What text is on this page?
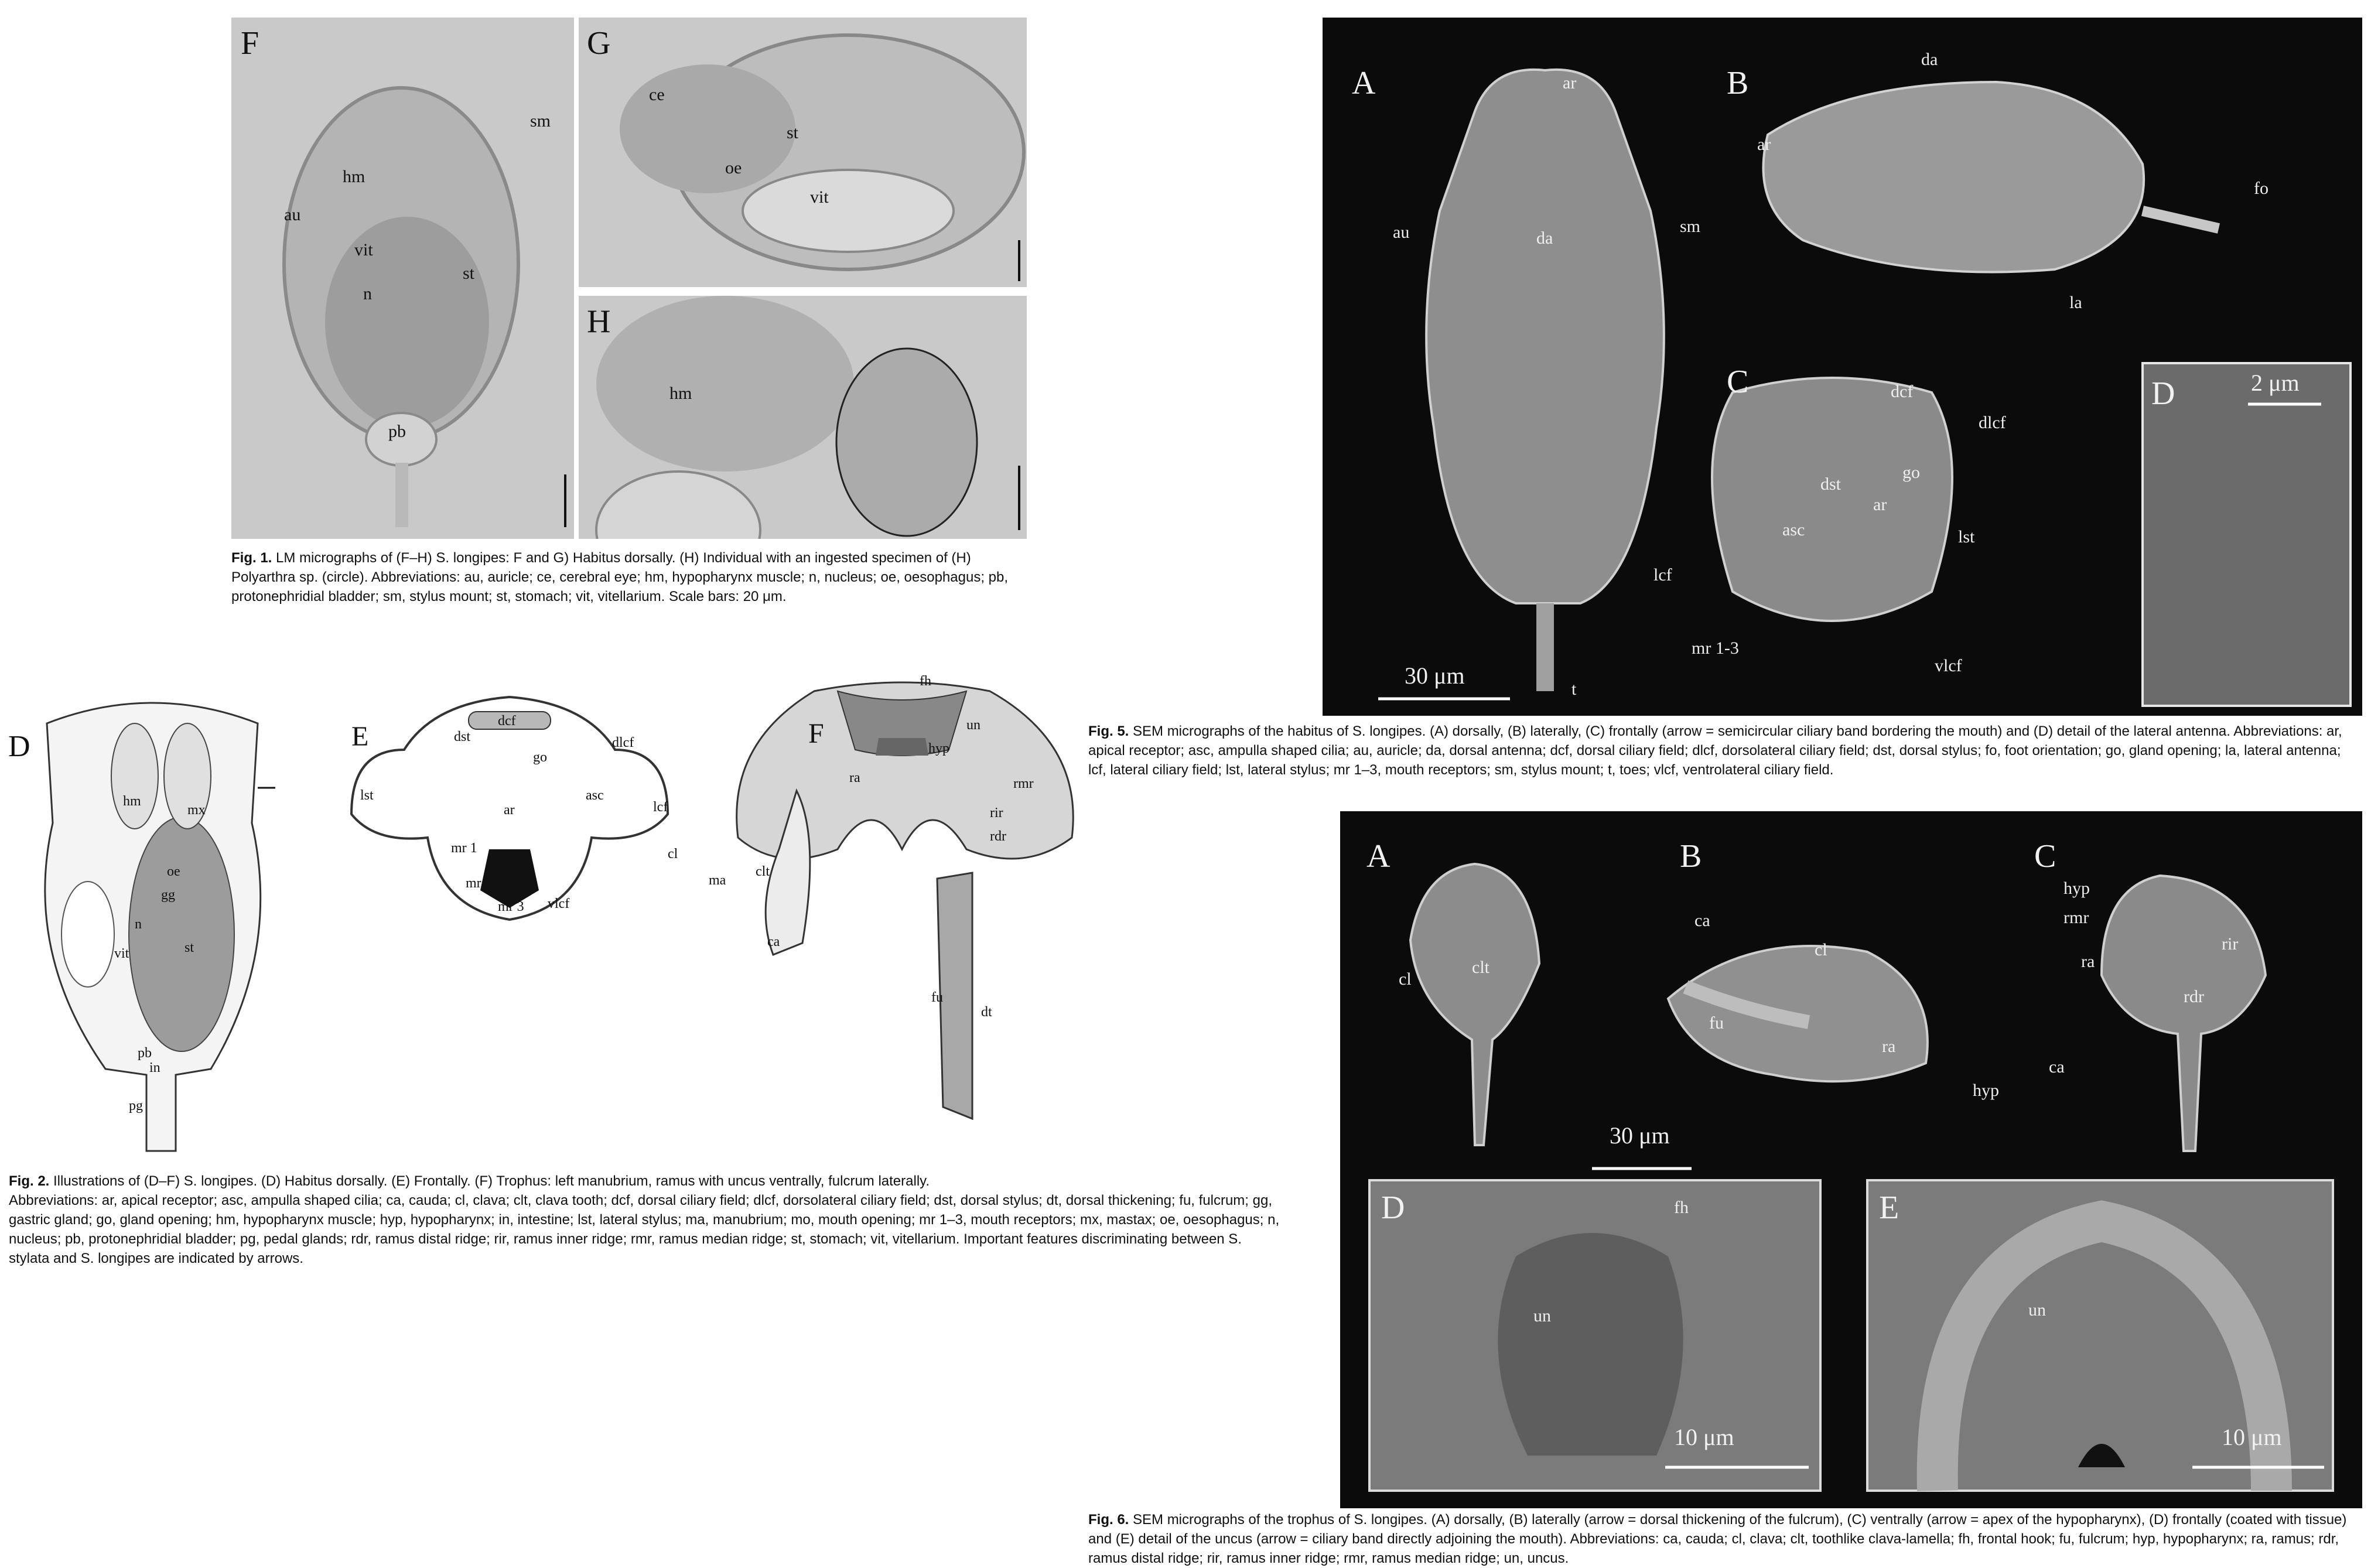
F
sm
hm
au
vit
n
st
pb
G
ce
st
oe
vit
H
hm
Fig. 1. LM micrographs of (F–H) S. longipes: F and G) Habitus dorsally. (H) Individual with an ingested specimen of (H) Polyarthra sp. (circle). Abbreviations: au, auricle; ce, cerebral eye; hm, hypopharynx muscle; n, nucleus; oe, oesophagus; pb, protonephridial bladder; sm, stylus mount; st, stomach; vit, vitellarium. Scale bars: 20 μm.
D
hm
mx
oe
gg
n
vit	st
pb
in
pg
E	dcf
dst	dlcf
go
lst	asc
lcf
ar
mr 1
mr 2
mr 3 vlcf
F
fh
un
hyp
ra	rmr
rir
rdr
cl
ma
clt
ca
fu
dt
Fig. 2. Illustrations of (D–F) S. longipes. (D) Habitus dorsally. (E) Frontally. (F) Trophus: left manubrium, ramus with uncus ventrally, fulcrum laterally.
Abbreviations: ar, apical receptor; asc, ampulla shaped cilia; ca, cauda; cl, clava; clt, clava tooth; dcf, dorsal ciliary field; dlcf, dorsolateral ciliary field; dst, dorsal stylus; dt, dorsal thickening; fu, fulcrum; gg, gastric gland; go, gland opening; hm, hypopharynx muscle; hyp, hypopharynx; in, intestine; lst, lateral stylus; ma, manubrium; mo, mouth opening; mr 1–3, mouth receptors; mx, mastax; oe, oesophagus; n, nucleus; pb, protonephridial bladder; pg, pedal glands; rdr, ramus distal ridge; rir, ramus inner ridge; rmr, ramus median ridge; st, stomach; vit, vitellarium. Important features discriminating between S. stylata and S. longipes are indicated by arrows.
A	B
C	D
ar
au	da
sm
t
da
ar
fo
la
dcf
dlcf
go
dst
ar
asc	lst
lcf
mr 1-3
vlcf
30 μm
2 μm
Fig. 5. SEM micrographs of the habitus of S. longipes. (A) dorsally, (B) laterally, (C) frontally (arrow = semicircular ciliary band bordering the mouth) and (D) detail of the lateral antenna. Abbreviations: ar, apical receptor; asc, ampulla shaped cilia; au, auricle; da, dorsal antenna; dcf, dorsal ciliary field; dlcf, dorsolateral ciliary field; dst, dorsal stylus; fo, foot orientation; go, gland opening; la, lateral antenna; lcf, lateral ciliary field; lst, lateral stylus; mr 1–3, mouth receptors; sm, stylus mount; t, toes; vlcf, ventrolateral ciliary field.
A	B	C
D	E
cl
clt
ca
cl
fu
ra
hyp
hyp
rmr
rir
ra
rdr
ca
fh
un	un
30 μm
10 μm	10 μm
Fig. 6. SEM micrographs of the trophus of S. longipes. (A) dorsally, (B) laterally (arrow = dorsal thickening of the fulcrum), (C) ventrally (arrow = apex of the hypopharynx), (D) frontally (coated with tissue) and (E) detail of the uncus (arrow = ciliary band directly adjoining the mouth). Abbreviations: ca, cauda; cl, clava; clt, toothlike clava-lamella; fh, frontal hook; fu, fulcrum; hyp, hypopharynx; ra, ramus; rdr, ramus distal ridge; rir, ramus inner ridge; rmr, ramus median ridge; un, uncus.
